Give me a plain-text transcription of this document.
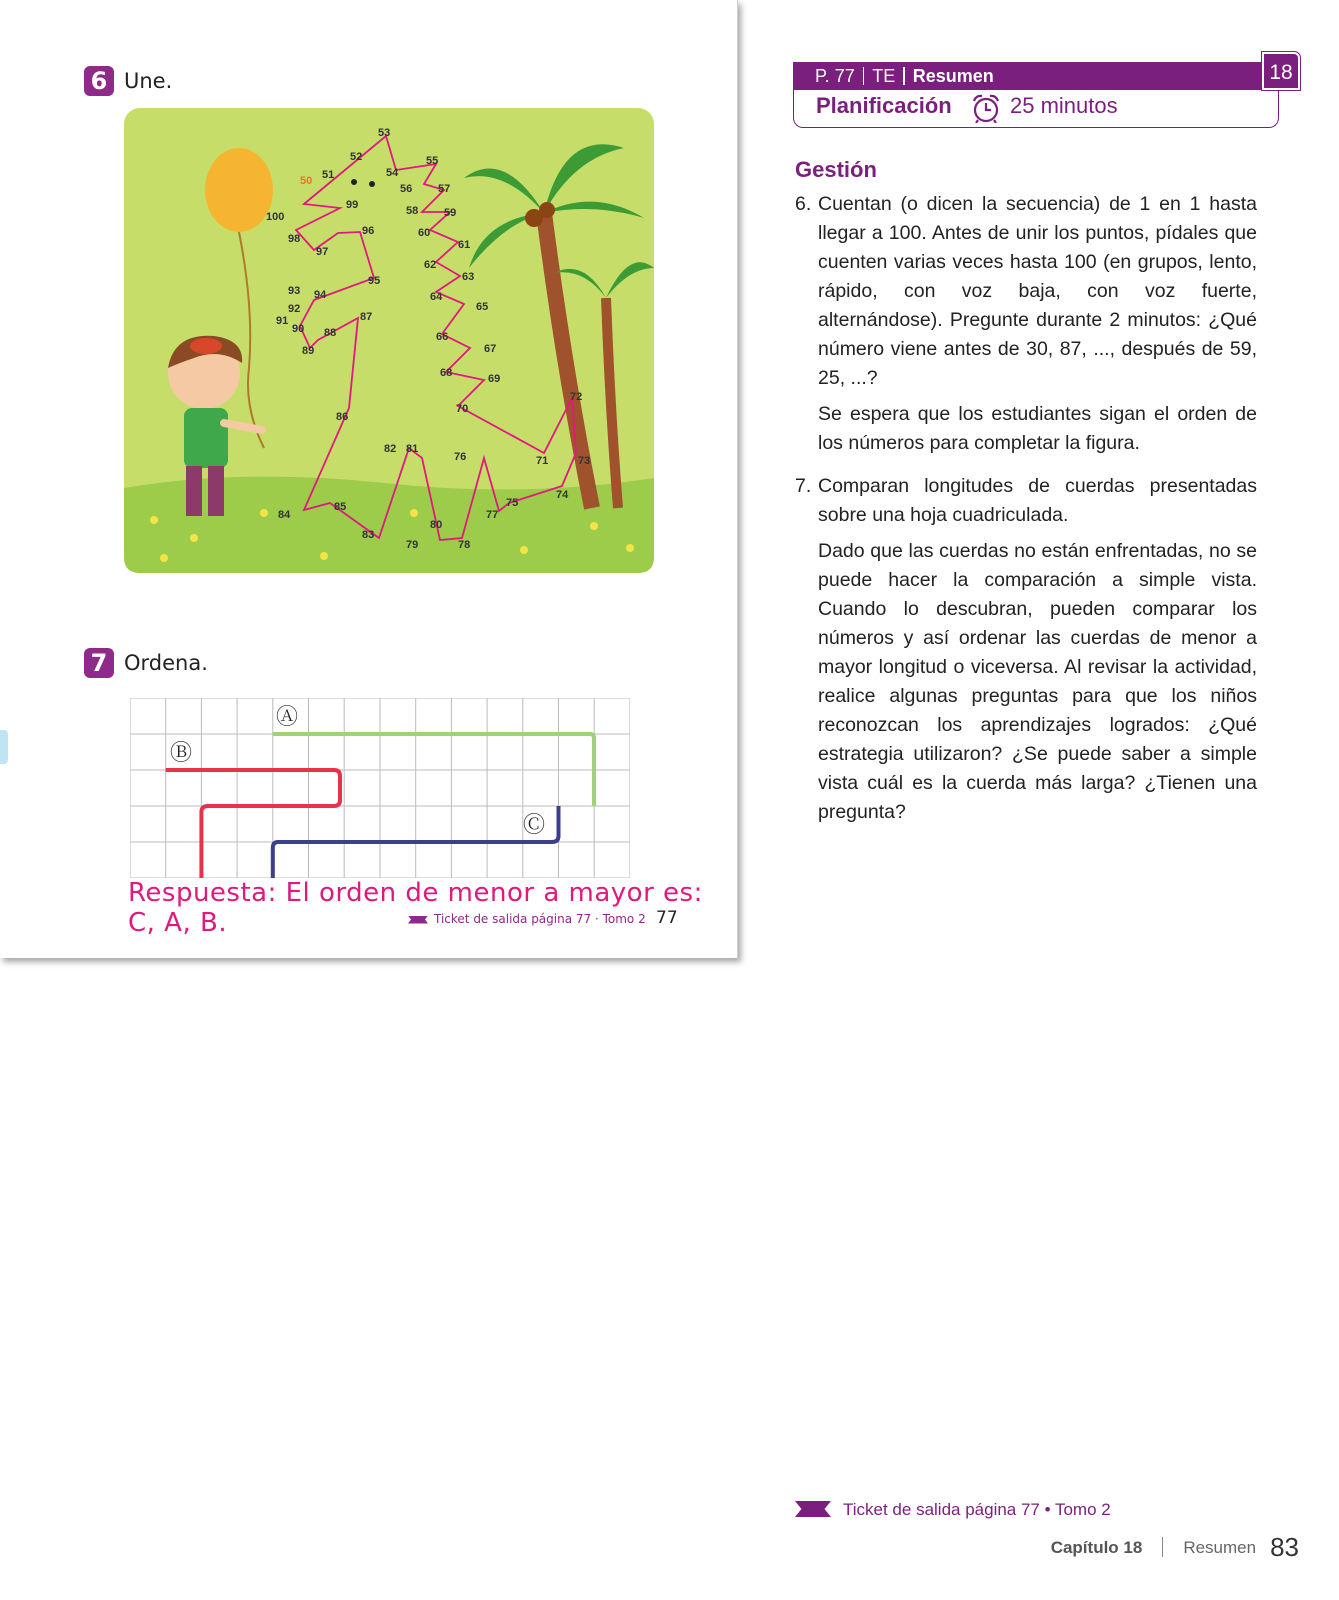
6 Une.
50 51
52
53
54
55
56 57
58 59
60
61
62
63
64
65
66
67
68	69
70
71
72
73
74
75
76
77
78
79
80
81
82
83
84
85
86
87
88
89
90
91
92
93 94
95
96
97
98
99
100
7 Ordena.
Ⓐ
Ⓑ
Ⓒ
Respuesta: El orden de menor a mayor es: C, A, B.	Ticket de salida página 77 · Tomo 2 77
P. 77 TE Resumen	18
Planificación	25 minutos
Gestión
6. Cuentan (o dicen la secuencia) de 1 en 1 hasta llegar a 100. Antes de unir los puntos, pídales que cuenten varias veces hasta 100 (en grupos, lento, rápido, con voz baja, con voz fuerte, alternándose). Pregunte durante 2 minutos: ¿Qué número viene antes de 30, 87, ..., después de 59, 25, ...?

Se espera que los estudiantes sigan el orden de los números para completar la figura.

7. Comparan longitudes de cuerdas presentadas sobre una hoja cuadriculada.

Dado que las cuerdas no están enfrentadas, no se puede hacer la comparación a simple vista. Cuando lo descubran, pueden comparar los números y así ordenar las cuerdas de menor a mayor longitud o viceversa. Al revisar la actividad, realice algunas preguntas para que los niños reconozcan los aprendizajes logrados: ¿Qué estrategia utilizaron? ¿Se puede saber a simple vista cuál es la cuerda más larga? ¿Tienen una pregunta?

Ticket de salida página 77 • Tomo 2
Capítulo 18 Resumen 83
